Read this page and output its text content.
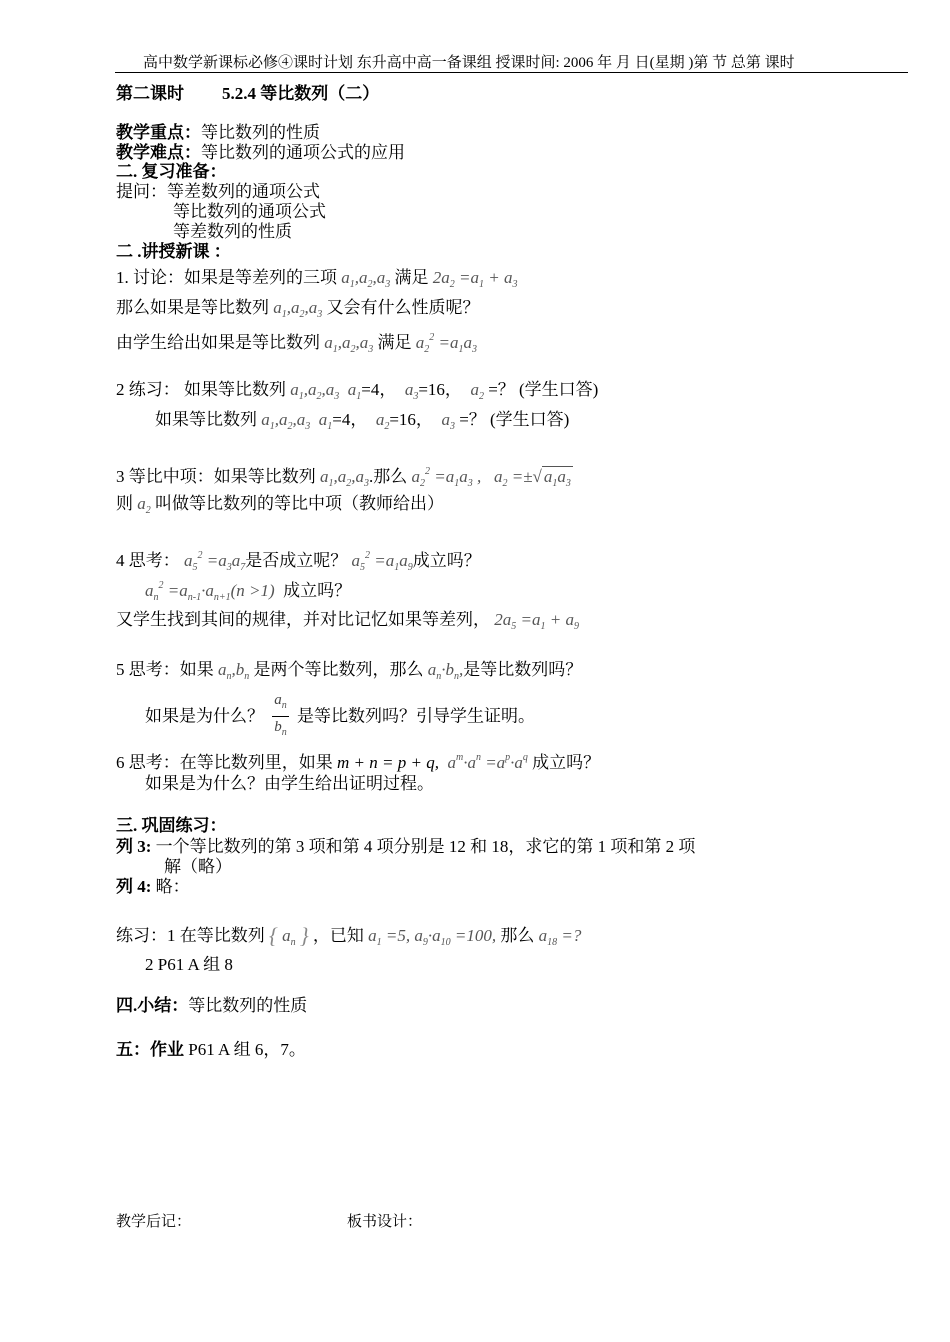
高中数学新课标必修④课时计划 东升高中高一备课组 授课时间: 2006 年 月 日(星期 )第 节 总第 课时
第二课时 5.2.4 等比数列（二）
教学重点：等比数列的性质
教学难点：等比数列的通项公式的应用
二. 复习准备：
提问：等差数列的通项公式
等比数列的通项公式
等差数列的性质
二 .讲授新课 ：
1. 讨论：如果是等差列的三项 $a_1,a_2,a_3$ 满足 $2a_2 =a_1 + a_3$
那么如果是等比数列 $a_1,a_2,a_3$ 又会有什么性质呢？
由学生给出如果是等比数列 $a_1,a_2,a_3$ 满足 $a_2^2 =a_1a_3$
2 练习： 如果等比数列 $a_1,a_2,a_3$ $a_1=4$， $a_3=16$， $a_2$ =？ (学生口答)
如果等比数列 $a_1,a_2,a_3$ $a_1=4$， $a_2=16$， $a_3$ =？ (学生口答)
3 等比中项：如果等比数列 $a_1,a_2,a_3$.那么 $a_2^2 =a_1a_3$ ,   $a_2$ =±√ $a_1a_3$
则 $a_2$ 叫做等比数列的等比中项（教师给出）
4 思考： $a_5^2 =a_3a_7$是否成立呢？ $a_5^2 =a_1a_9$成立吗？
$a_n^2 =a_{n-1}\cdot a_{n+1}(n >1)$ 成立吗？
又学生找到其间的规律，并对比记忆如果等差列， $2a_5 =a_1 + a_9$
5 思考：如果 $a_n,b_n$ 是两个等比数列，那么 $a_n\cdot b_n$,是等比数列吗？
如果是为什么？ $\frac{a_n}{b_n}$ 是等比数列吗？引导学生证明。
6 思考：在等比数列里，如果 m + n = p + q, $a^m\cdot a^n =a^p\cdot a^q$ 成立吗？
如果是为什么？由学生给出证明过程。
三. 巩固练习：
列 3: 一个等比数列的第 3 项和第 4 项分别是 12 和 18，求它的第 1 项和第 2 项
解（略）
列 4: 略：
练习：1 在等比数列 { $a_n$ } ，已知 $a_1 =5$, $a_9\cdot a_{10} =100$, 那么 $a_{18}$ =?
2 P61 A 组 8
四.小结：等比数列的性质
五：作业 P61 A 组 6，7。
教学后记：	板书设计：
